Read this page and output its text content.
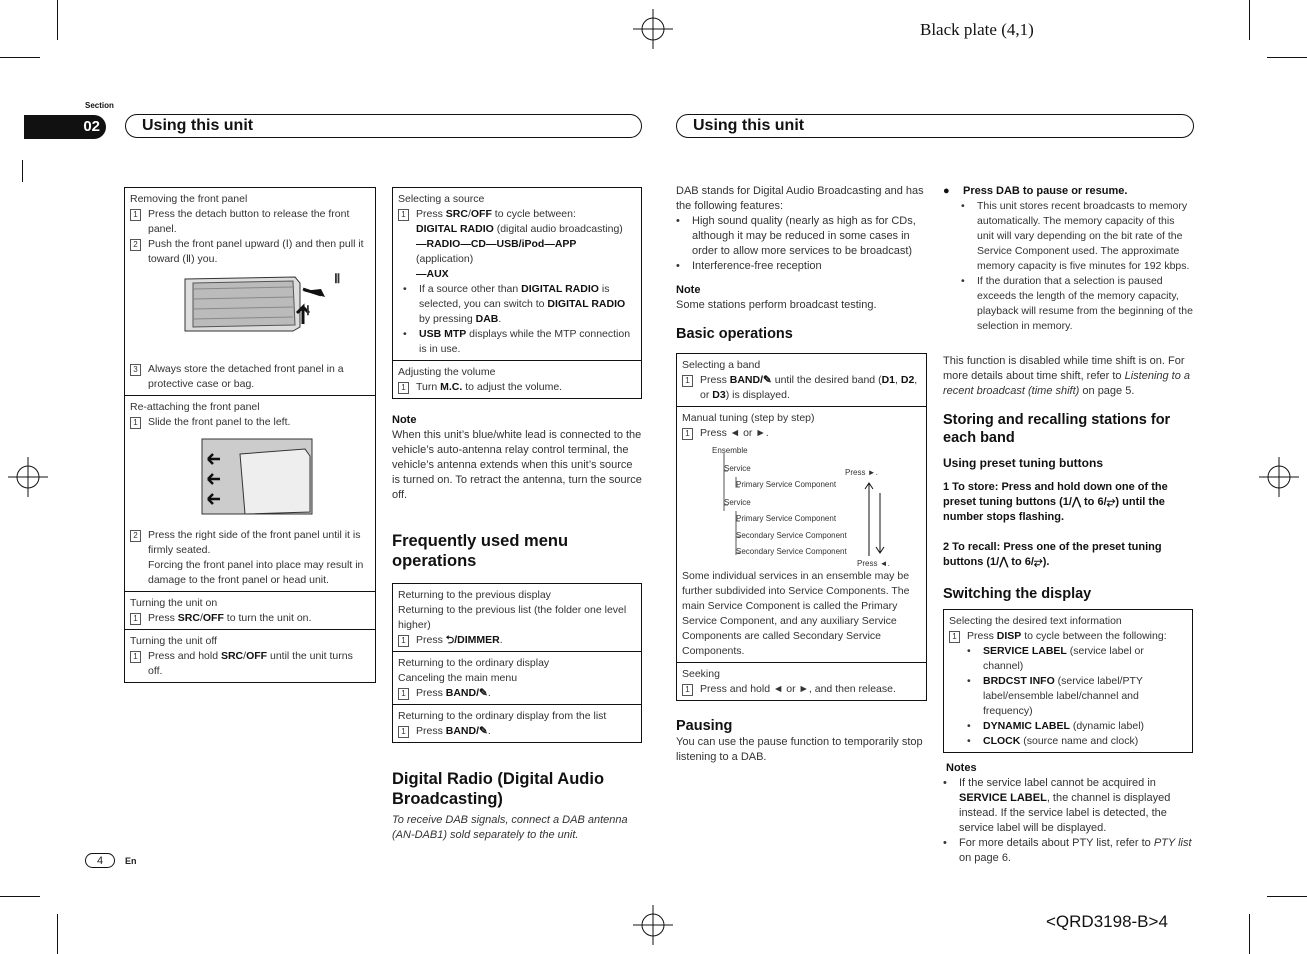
Black plate (4,1)
<QRD3198-B>4
Section
02	Using this unit	Using this unit
Removing the front panel
1 Press the detach button to release the front panel.
2 Push the front panel upward (Ⅰ) and then pull it toward (Ⅱ) you.
Ⅱ
Ⅰ
3 Always store the detached front panel in a protective case or bag.
Re-attaching the front panel
1 Slide the front panel to the left.
2 Press the right side of the front panel until it is firmly seated.
Forcing the front panel into place may result in damage to the front panel or head unit.
Turning the unit on
1 Press SRC/OFF to turn the unit on.
Turning the unit off
1 Press and hold SRC/OFF until the unit turns off.
Selecting a source
1 Press SRC/OFF to cycle between:
DIGITAL RADIO (digital audio broadcasting)
—RADIO—CD—USB/iPod—APP (application)
—AUX
•	If a source other than DIGITAL RADIO is selected, you can switch to DIGITAL RADIO by pressing DAB.
•	USB MTP displays while the MTP connection is in use.
Adjusting the volume
1 Turn M.C. to adjust the volume.
Note
When this unit’s blue/white lead is connected to the vehicle’s auto-antenna relay control terminal, the vehicle’s antenna extends when this unit’s source is turned on. To retract the antenna, turn the source off.
Frequently used menu operations
Returning to the previous display
Returning to the previous list (the folder one level higher)
1 Press ⮌/DIMMER.
Returning to the ordinary display
Canceling the main menu
1 Press BAND/✎.
Returning to the ordinary display from the list
1 Press BAND/✎.
Digital Radio (Digital Audio Broadcasting)
To receive DAB signals, connect a DAB antenna (AN-DAB1) sold separately to the unit.
DAB stands for Digital Audio Broadcasting and has the following features:
•	High sound quality (nearly as high as for CDs, although it may be reduced in some cases in order to allow more services to be broadcast)
•	Interference-free reception
Note
Some stations perform broadcast testing.
Basic operations
Selecting a band
1 Press BAND/✎ until the desired band (D1, D2, or D3) is displayed.
Manual tuning (step by step)
1 Press ◄ or ►.
Ensemble
Service
Primary Service Component
Service
Primary Service Component
Secondary Service Component
Secondary Service Component
Press ►.
Press ◄.
Some individual services in an ensemble may be further subdivided into Service Components. The main Service Component is called the Primary Service Component, and any auxiliary Service Components are called Secondary Service Components.
Seeking
1 Press and hold ◄ or ►, and then release.
Pausing
You can use the pause function to temporarily stop listening to a DAB.
●	Press DAB to pause or resume.
•	This unit stores recent broadcasts to memory automatically. The memory capacity of this unit will vary depending on the bit rate of the Service Component used. The approximate memory capacity is five minutes for 192 kbps.
•	If the duration that a selection is paused exceeds the length of the memory capacity, playback will resume from the beginning of the selection in memory.
This function is disabled while time shift is on. For more details about time shift, refer to Listening to a recent broadcast (time shift) on page 5.
Storing and recalling stations for each band
Using preset tuning buttons
1 To store: Press and hold down one of the preset tuning buttons (1/⋀ to 6/⥂) until the number stops flashing.
2 To recall: Press one of the preset tuning buttons (1/⋀ to 6/⥂).
Switching the display
Selecting the desired text information
1 Press DISP to cycle between the following:
•	SERVICE LABEL (service label or channel)
•	BRDCST INFO (service label/PTY label/ensemble label/channel and frequency)
•	DYNAMIC LABEL (dynamic label)
•	CLOCK (source name and clock)
Notes
•	If the service label cannot be acquired in SERVICE LABEL, the channel is displayed instead. If the service label is detected, the service label will be displayed.
•	For more details about PTY list, refer to PTY list on page 6.
4	En
